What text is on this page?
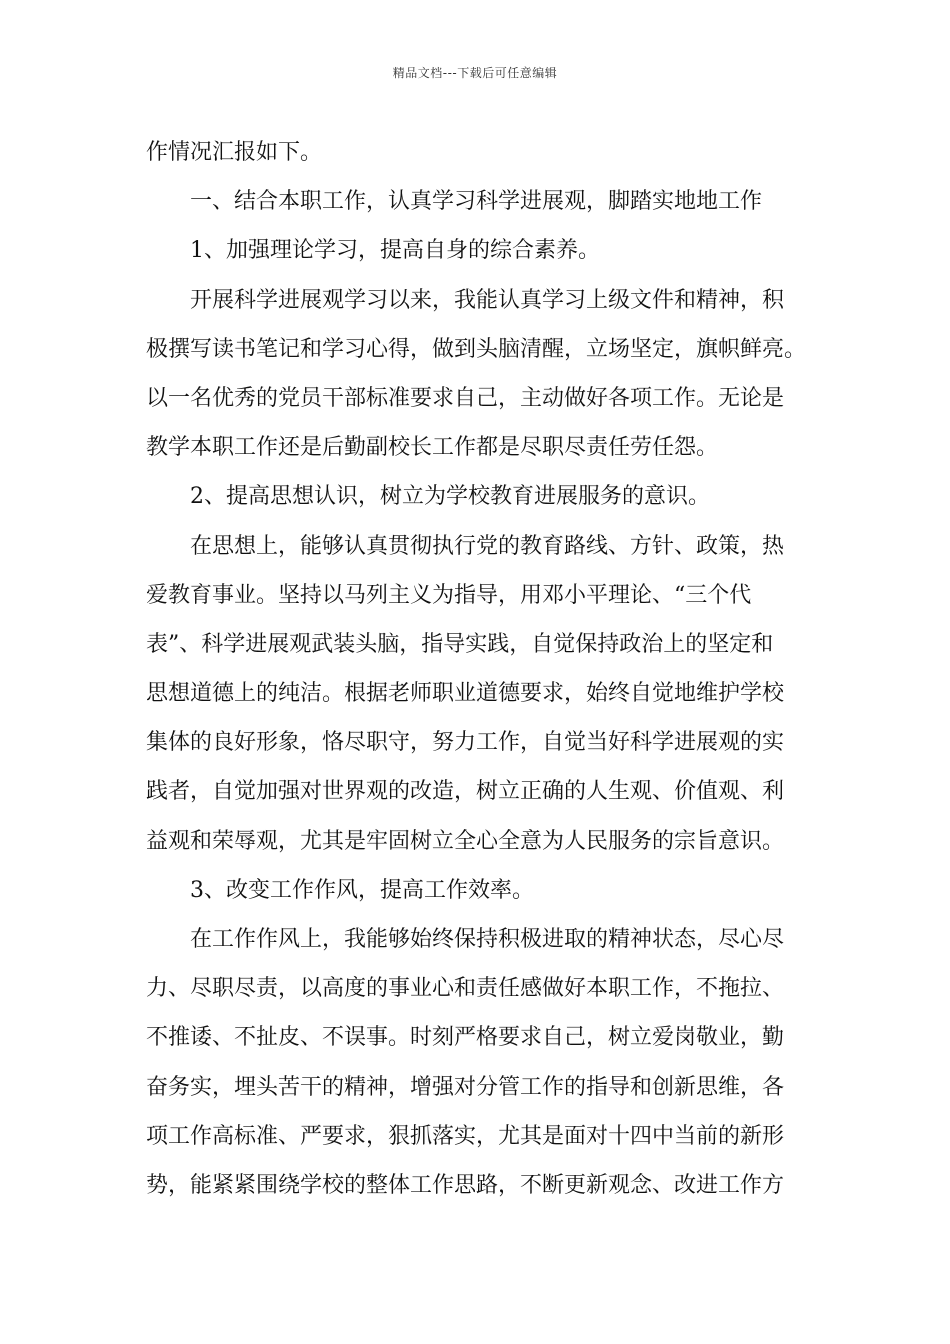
精品文档---下载后可任意编辑
作情况汇报如下。
一、结合本职工作，认真学习科学进展观，脚踏实地地工作
1、加强理论学习，提高自身的综合素养。
开展科学进展观学习以来，我能认真学习上级文件和精神，积
极撰写读书笔记和学习心得，做到头脑清醒，立场坚定，旗帜鲜亮。
以一名优秀的党员干部标准要求自己，主动做好各项工作。无论是
教学本职工作还是后勤副校长工作都是尽职尽责任劳任怨。
2、提高思想认识，树立为学校教育进展服务的意识。
在思想上，能够认真贯彻执行党的教育路线、方针、政策，热
爱教育事业。坚持以马列主义为指导，用邓小平理论、“三个代
表”、科学进展观武装头脑，指导实践，自觉保持政治上的坚定和
思想道德上的纯洁。根据老师职业道德要求，始终自觉地维护学校
集体的良好形象，恪尽职守，努力工作，自觉当好科学进展观的实
践者，自觉加强对世界观的改造，树立正确的人生观、价值观、利
益观和荣辱观，尤其是牢固树立全心全意为人民服务的宗旨意识。
3、改变工作作风，提高工作效率。
在工作作风上，我能够始终保持积极进取的精神状态，尽心尽
力、尽职尽责，以高度的事业心和责任感做好本职工作，不拖拉、
不推诿、不扯皮、不误事。时刻严格要求自己，树立爱岗敬业，勤
奋务实，埋头苦干的精神，增强对分管工作的指导和创新思维，各
项工作高标准、严要求，狠抓落实，尤其是面对十四中当前的新形
势，能紧紧围绕学校的整体工作思路，不断更新观念、改进工作方
